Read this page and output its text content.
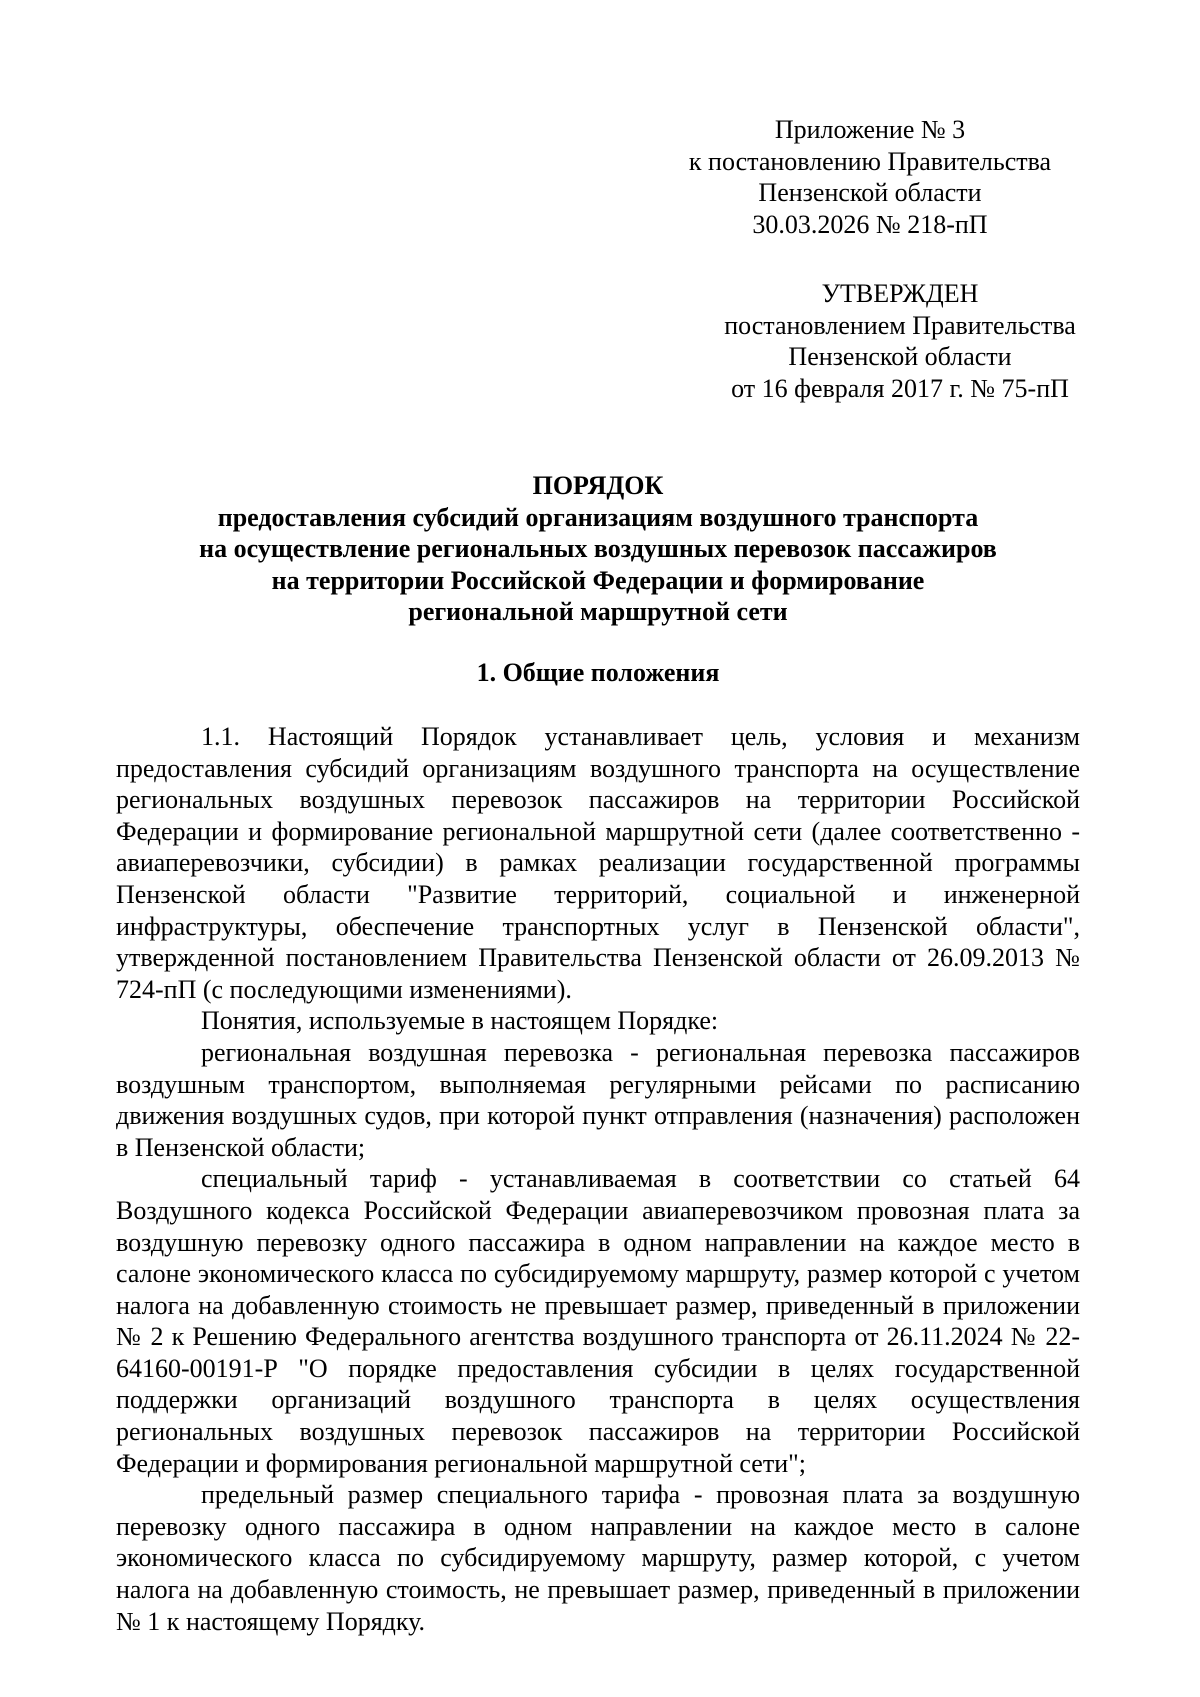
Приложение № 3
к постановлению Правительства
Пензенской области
30.03.2026 № 218-пП
УТВЕРЖДЕН
постановлением Правительства
Пензенской области
от 16 февраля 2017 г. № 75-пП
ПОРЯДОК
предоставления субсидий организациям воздушного транспорта
на осуществление региональных воздушных перевозок пассажиров
на территории Российской Федерации и формирование
региональной маршрутной сети
1. Общие положения

1.1. Настоящий Порядок устанавливает цель, условия и механизм предоставления субсидий организациям воздушного транспорта на осуществление региональных воздушных перевозок пассажиров на территории Российской Федерации и формирование региональной маршрутной сети (далее соответственно - авиаперевозчики, субсидии) в рамках реализации государственной программы Пензенской области "Развитие территорий, социальной и инженерной инфраструктуры, обеспечение транспортных услуг в Пензенской области", утвержденной постановлением Правительства Пензенской области от 26.09.2013 № 724-пП (с последующими изменениями).

Понятия, используемые в настоящем Порядке:

региональная воздушная перевозка - региональная перевозка пассажиров воздушным транспортом, выполняемая регулярными рейсами по расписанию движения воздушных судов, при которой пункт отправления (назначения) расположен в Пензенской области;

специальный тариф - устанавливаемая в соответствии со статьей 64 Воздушного кодекса Российской Федерации авиаперевозчиком провозная плата за воздушную перевозку одного пассажира в одном направлении на каждое место в салоне экономического класса по субсидируемому маршруту, размер которой с учетом налога на добавленную стоимость не превышает размер, приведенный в приложении № 2 к Решению Федерального агентства воздушного транспорта от 26.11.2024 № 22-64160-00191-Р "О порядке предоставления субсидии в целях государственной поддержки организаций воздушного транспорта в целях осуществления региональных воздушных перевозок пассажиров на территории Российской Федерации и формирования региональной маршрутной сети";

предельный размер специального тарифа - провозная плата за воздушную перевозку одного пассажира в одном направлении на каждое место в салоне экономического класса по субсидируемому маршруту, размер которой, с учетом налога на добавленную стоимость, не превышает размер, приведенный в приложении № 1 к настоящему Порядку.
